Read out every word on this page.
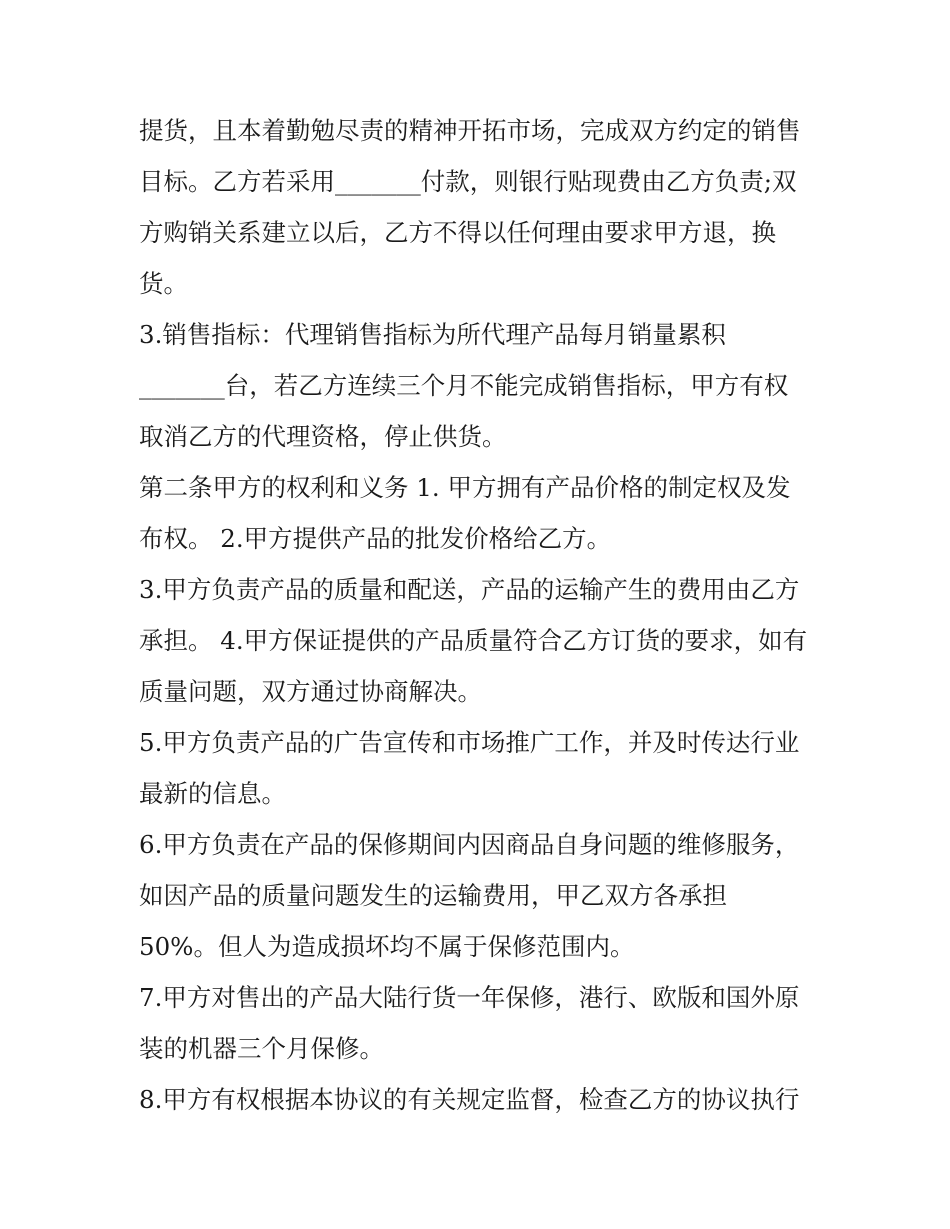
提货，且本着勤勉尽责的精神开拓市场，完成双方约定的销售
目标。乙方若采用_______付款，则银行贴现费由乙方负责;双
方购销关系建立以后，乙方不得以任何理由要求甲方退，换
货。
3.销售指标：代理销售指标为所代理产品每月销量累积
_______台，若乙方连续三个月不能完成销售指标，甲方有权
取消乙方的代理资格，停止供货。
第二条甲方的权利和义务 1. 甲方拥有产品价格的制定权及发
布权。 2.甲方提供产品的批发价格给乙方。
3.甲方负责产品的质量和配送，产品的运输产生的费用由乙方
承担。 4.甲方保证提供的产品质量符合乙方订货的要求，如有
质量问题，双方通过协商解决。
5.甲方负责产品的广告宣传和市场推广工作，并及时传达行业
最新的信息。
6.甲方负责在产品的保修期间内因商品自身问题的维修服务，
如因产品的质量问题发生的运输费用，甲乙双方各承担
50%。但人为造成损坏均不属于保修范围内。
7.甲方对售出的产品大陆行货一年保修，港行、欧版和国外原
装的机器三个月保修。
8.甲方有权根据本协议的有关规定监督，检查乙方的协议执行
